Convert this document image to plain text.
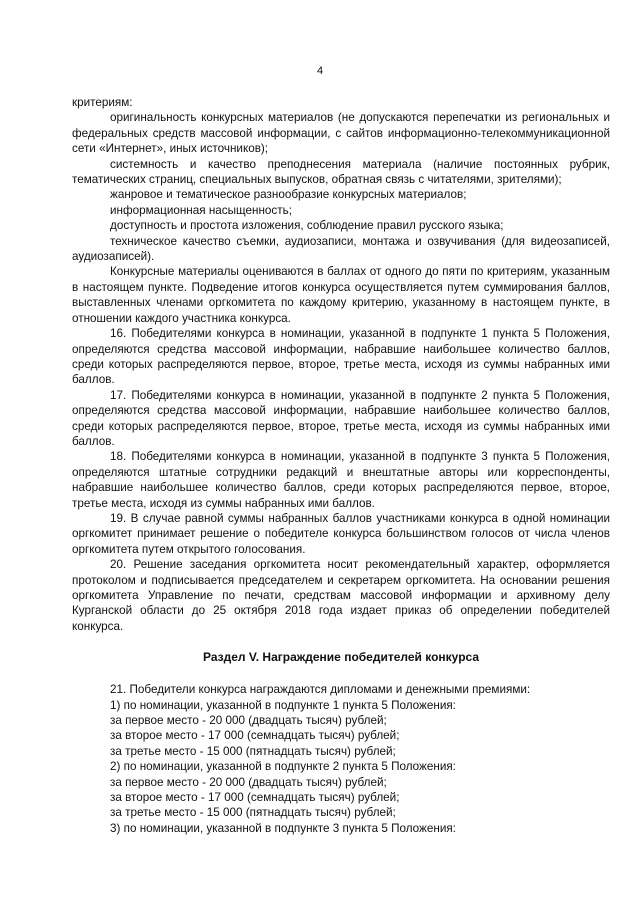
4

критериям:

оригинальность конкурсных материалов (не допускаются перепечатки из региональных и федеральных средств массовой информации, с сайтов информационно-телекоммуникационной сети «Интернет», иных источников);

системность и качество преподнесения материала (наличие постоянных рубрик, тематических страниц, специальных выпусков, обратная связь с читателями, зрителями);

жанровое и тематическое разнообразие конкурсных материалов;

информационная насыщенность;

доступность и простота изложения, соблюдение правил русского языка;

техническое качество съемки, аудиозаписи, монтажа и озвучивания (для видеозаписей, аудиозаписей).

Конкурсные материалы оцениваются в баллах от одного до пяти по критериям, указанным в настоящем пункте. Подведение итогов конкурса осуществляется путем суммирования баллов, выставленных членами оргкомитета по каждому критерию, указанному в настоящем пункте, в отношении каждого участника конкурса.

16. Победителями конкурса в номинации, указанной в подпункте 1 пункта 5 Положения, определяются средства массовой информации, набравшие наибольшее количество баллов, среди которых распределяются первое, второе, третье места, исходя из суммы набранных ими баллов.

17. Победителями конкурса в номинации, указанной в подпункте 2 пункта 5 Положения, определяются средства массовой информации, набравшие наибольшее количество баллов, среди которых распределяются первое, второе, третье места, исходя из суммы набранных ими баллов.

18. Победителями конкурса в номинации, указанной в подпункте 3 пункта 5 Положения, определяются штатные сотрудники редакций и внештатные авторы или корреспонденты, набравшие наибольшее количество баллов, среди которых распределяются первое, второе, третье места, исходя из суммы набранных ими баллов.

19. В случае равной суммы набранных баллов участниками конкурса в одной номинации оргкомитет принимает решение о победителе конкурса большинством голосов от числа членов оргкомитета путем открытого голосования.

20. Решение заседания оргкомитета носит рекомендательный характер, оформляется протоколом и подписывается председателем и секретарем оргкомитета. На основании решения оргкомитета Управление по печати, средствам массовой информации и архивному делу Курганской области до 25 октября 2018 года издает приказ об определении победителей конкурса.

Раздел V. Награждение победителей конкурса

21. Победители конкурса награждаются дипломами и денежными премиями:

1) по номинации, указанной в подпункте 1 пункта 5 Положения:

за первое место - 20 000 (двадцать тысяч) рублей;

за второе место - 17 000 (семнадцать тысяч) рублей;

за третье место - 15 000 (пятнадцать тысяч) рублей;

2) по номинации, указанной в подпункте 2 пункта 5 Положения:

за первое место - 20 000 (двадцать тысяч) рублей;

за второе место - 17 000 (семнадцать тысяч) рублей;

за третье место - 15 000 (пятнадцать тысяч) рублей;

3) по номинации, указанной в подпункте 3 пункта 5 Положения:
